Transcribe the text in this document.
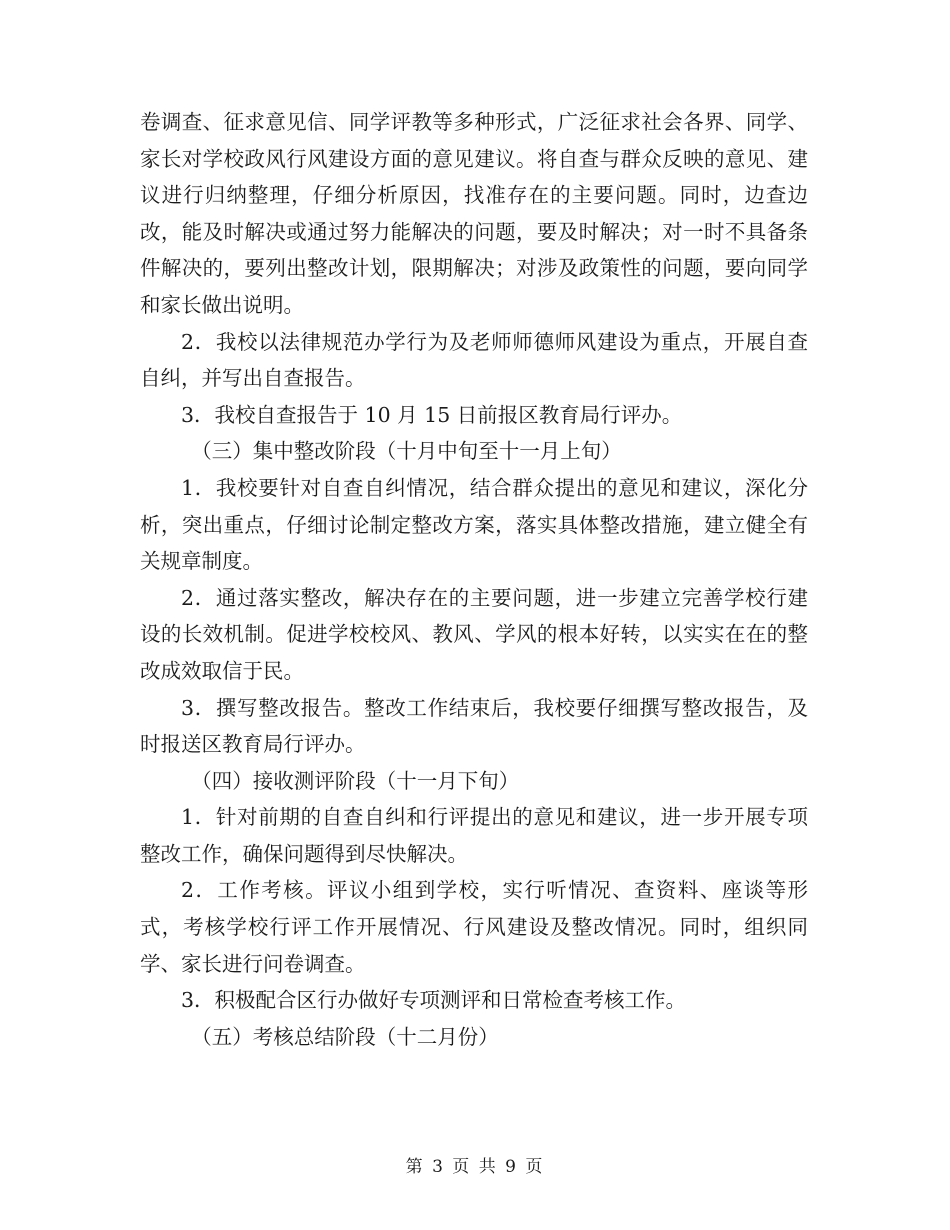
卷调查、征求意见信、同学评教等多种形式，广泛征求社会各界、同学、家长对学校政风行风建设方面的意见建议。将自查与群众反映的意见、建议进行归纳整理，仔细分析原因，找准存在的主要问题。同时，边查边改，能及时解决或通过努力能解决的问题，要及时解决；对一时不具备条件解决的，要列出整改计划，限期解决；对涉及政策性的问题，要向同学和家长做出说明。

2．我校以法律规范办学行为及老师师德师风建设为重点，开展自查自纠，并写出自查报告。

3．我校自查报告于 10 月 15 日前报区教育局行评办。

（三）集中整改阶段（十月中旬至十一月上旬）

1．我校要针对自查自纠情况，结合群众提出的意见和建议，深化分析，突出重点，仔细讨论制定整改方案，落实具体整改措施，建立健全有关规章制度。

2．通过落实整改，解决存在的主要问题，进一步建立完善学校行建设的长效机制。促进学校校风、教风、学风的根本好转，以实实在在的整改成效取信于民。

3．撰写整改报告。整改工作结束后，我校要仔细撰写整改报告，及时报送区教育局行评办。

（四）接收测评阶段（十一月下旬）

1．针对前期的自查自纠和行评提出的意见和建议，进一步开展专项整改工作，确保问题得到尽快解决。

2．工作考核。评议小组到学校，实行听情况、查资料、座谈等形式，考核学校行评工作开展情况、行风建设及整改情况。同时，组织同学、家长进行问卷调查。

3．积极配合区行办做好专项测评和日常检查考核工作。

（五）考核总结阶段（十二月份）

第 3 页 共 9 页
